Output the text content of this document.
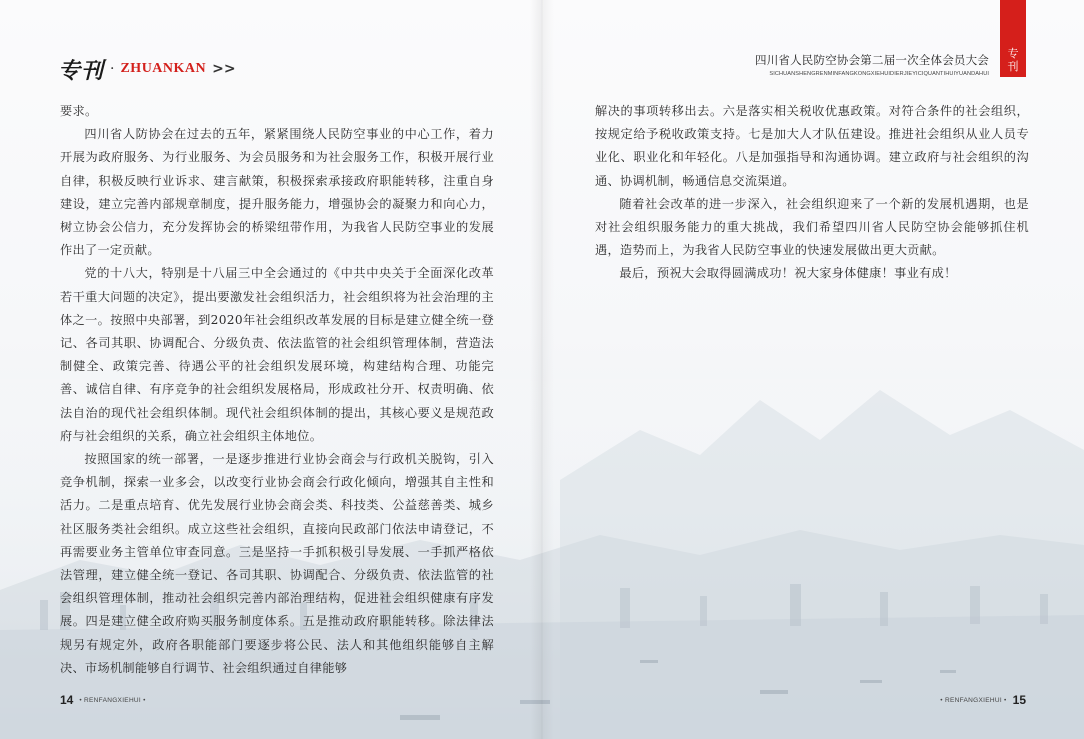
专刊 · ZHUANKAN >>

要求。

四川省人防协会在过去的五年，紧紧围绕人民防空事业的中心工作，着力开展为政府服务、为行业服务、为会员服务和为社会服务工作，积极开展行业自律，积极反映行业诉求、建言献策，积极探索承接政府职能转移，注重自身建设，建立完善内部规章制度，提升服务能力，增强协会的凝聚力和向心力，树立协会公信力，充分发挥协会的桥梁纽带作用，为我省人民防空事业的发展作出了一定贡献。

党的十八大，特别是十八届三中全会通过的《中共中央关于全面深化改革若干重大问题的决定》，提出要激发社会组织活力，社会组织将为社会治理的主体之一。按照中央部署，到2020年社会组织改革发展的目标是建立健全统一登记、各司其职、协调配合、分级负责、依法监管的社会组织管理体制，营造法制健全、政策完善、待遇公平的社会组织发展环境，构建结构合理、功能完善、诚信自律、有序竞争的社会组织发展格局，形成政社分开、权责明确、依法自治的现代社会组织体制。现代社会组织体制的提出，其核心要义是规范政府与社会组织的关系，确立社会组织主体地位。

按照国家的统一部署，一是逐步推进行业协会商会与行政机关脱钩，引入竞争机制，探索一业多会，以改变行业协会商会行政化倾向，增强其自主性和活力。二是重点培育、优先发展行业协会商会类、科技类、公益慈善类、城乡社区服务类社会组织。成立这些社会组织，直接向民政部门依法申请登记，不再需要业务主管单位审查同意。三是坚持一手抓积极引导发展、一手抓严格依法管理，建立健全统一登记、各司其职、协调配合、分级负责、依法监管的社会组织管理体制，推动社会组织完善内部治理结构，促进社会组织健康有序发展。四是建立健全政府购买服务制度体系。五是推动政府职能转移。除法律法规另有规定外，政府各职能部门要逐步将公民、法人和其他组织能够自主解决、市场机制能够自行调节、社会组织通过自律能够

14 • RENFANGXIEHUI •
四川省人民防空协会第二届一次全体会员大会
SICHUANSHENGRENMINFANGKONGXIEHUIDIERJIEYICIQUANTIHUIYUANDAHUI
专
刊

解决的事项转移出去。六是落实相关税收优惠政策。对符合条件的社会组织，按规定给予税收政策支持。七是加大人才队伍建设。推进社会组织从业人员专业化、职业化和年轻化。八是加强指导和沟通协调。建立政府与社会组织的沟通、协调机制，畅通信息交流渠道。

随着社会改革的进一步深入，社会组织迎来了一个新的发展机遇期，也是对社会组织服务能力的重大挑战，我们希望四川省人民防空协会能够抓住机遇，造势而上，为我省人民防空事业的快速发展做出更大贡献。

最后，预祝大会取得圆满成功！祝大家身体健康！事业有成！

• RENFANGXIEHUI • 15
